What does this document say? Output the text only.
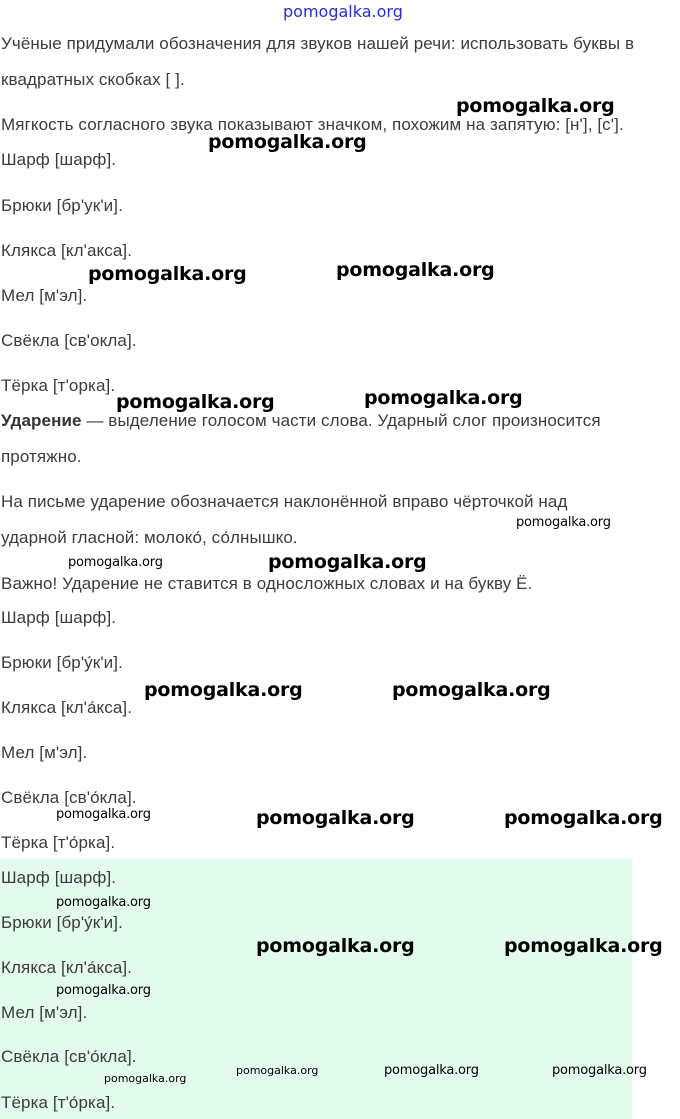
pomogalka.org

Учёные придумали обозначения для звуков нашей речи: использовать буквы в

квадратных скобках [ ].

Мягкость согласного звука показывают значком, похожим на запятую: [н'], [с'].

Шарф [шарф].

Брюки [бр'ук'и].

Клякса [кл'акса].

Мел [м'эл].

Свёкла [св'окла].

Тёрка [т'орка].

Ударение — выделение голосом части слова. Ударный слог произносится

протяжно.

На письме ударение обозначается наклонённой вправо чёрточкой над

ударной гласной: молоко́, со́лнышко.

Важно! Ударение не ставится в односложных словах и на букву Ё.

Шарф [шарф].

Брюки [бр'у́к'и].

Клякса [кл'а́кса].

Мел [м'эл].

Свёкла [св'о́кла].

Тёрка [т'о́рка].

Шарф [шарф].

Брюки [бр'у́к'и].

Клякса [кл'а́кса].

Мел [м'эл].

Свёкла [св'о́кла].

Тёрка [т'о́рка].

pomogalka.org
pomogalka.org
pomogalka.org	pomogalka.org
pomogalka.org	pomogalka.org
pomogalka.org
pomogalka.org	pomogalka.org
pomogalka.org	pomogalka.org
pomogalka.org	pomogalka.org	pomogalka.org
pomogalka.org
pomogalka.org	pomogalka.org
pomogalka.org
pomogalka.org
pomogalka.org	pomogalka.org	pomogalka.org
